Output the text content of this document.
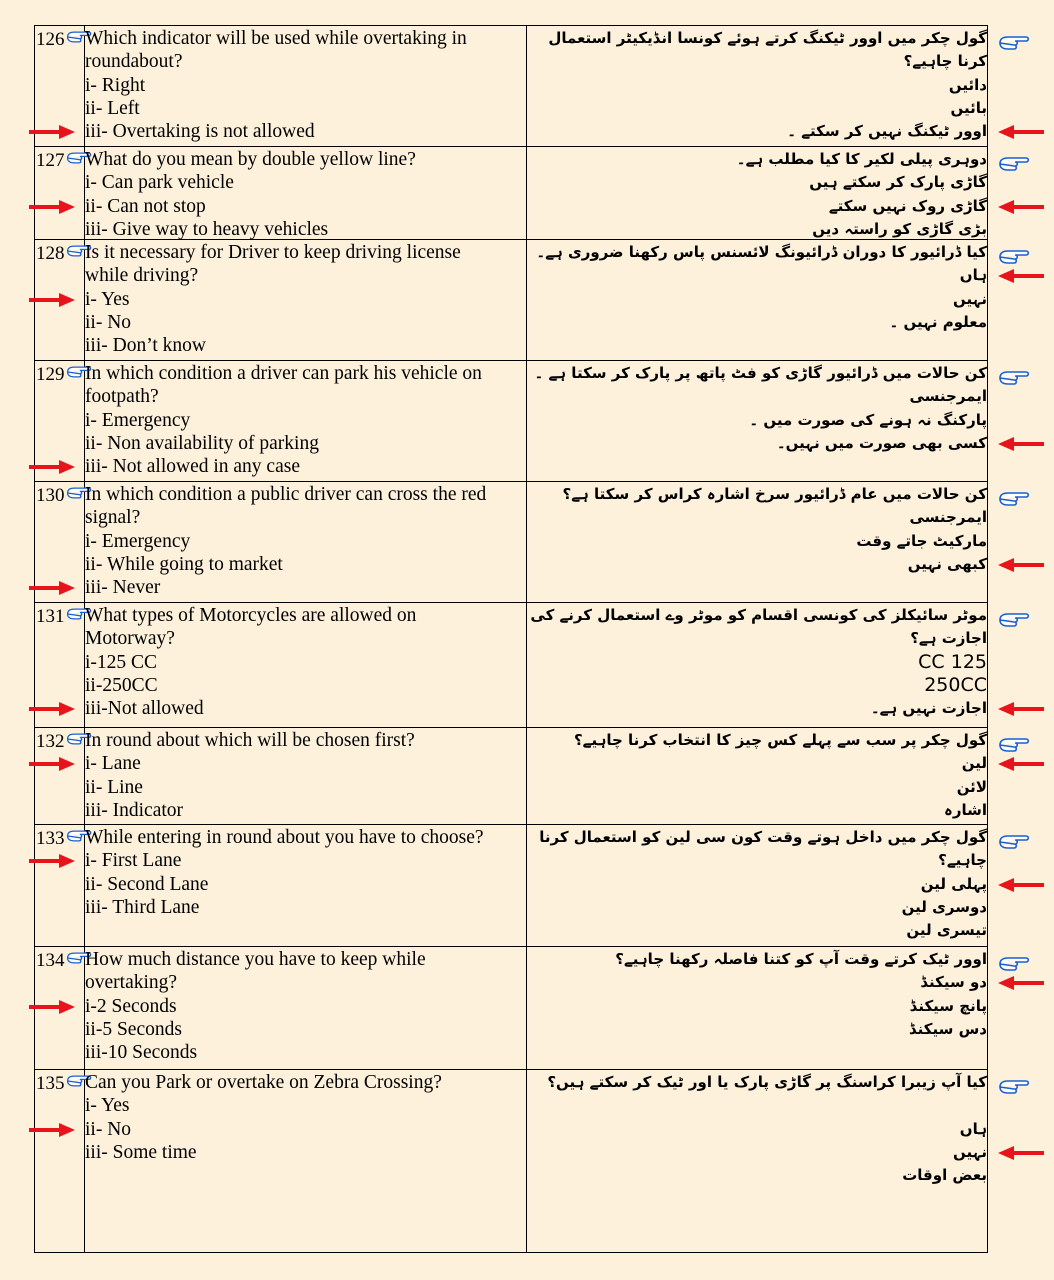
126 Which indicator will be used while overtaking in
roundabout?
i- Right
ii- Left
iii- Overtaking is not allowed
گول چکر میں اوور ٹیکنگ کرتے ہوئے کونسا انڈیکیٹر استعمال
کرنا چاہیے؟
دائیں
بائیں
اوور ٹیکنگ نہیں کر سکتے ۔
127 What do you mean by double yellow line?
i- Can park vehicle
ii- Can not stop
iii- Give way to heavy vehicles
دوہری پیلی لکیر کا کیا مطلب ہے۔
گاڑی پارک کر سکتے ہیں
گاڑی روک نہیں سکتے
بڑی گاڑی کو راستہ دیں
128 Is it necessary for Driver to keep driving license
while driving?
i- Yes
ii- No
iii- Don’t know
کیا ڈرائیور کا دوران ڈرائیونگ لائسنس پاس رکھنا ضروری ہے۔
ہاں
نہیں
معلوم نہیں ۔
129 In which condition a driver can park his vehicle on
footpath?
i- Emergency
ii- Non availability of parking
iii- Not allowed in any case
کن حالات میں ڈرائیور گاڑی کو فٹ پاتھ پر پارک کر سکتا ہے ۔
ایمرجنسی
پارکنگ نہ ہونے کی صورت میں ۔
کسی بھی صورت میں نہیں۔
130 In which condition a public driver can cross the red
signal?
i- Emergency
ii- While going to market
iii- Never
کن حالات میں عام ڈرائیور سرخ اشارہ کراس کر سکتا ہے؟
ایمرجنسی
مارکیٹ جاتے وقت
کبھی نہیں
131 What types of Motorcycles are allowed on
Motorway?
i-125 CC
ii-250CC
iii-Not allowed
موٹر سائیکلز کی کونسی اقسام کو موٹر وے استعمال کرنے کی
اجازت ہے؟
125 CC
250CC
اجازت نہیں ہے۔
132 In round about which will be chosen first?
i- Lane
ii- Line
iii- Indicator
گول چکر پر سب سے پہلے کس چیز کا انتخاب کرنا چاہیے؟
لین
لائن
اشارہ
133 While entering in round about you have to choose?
i- First Lane
ii- Second Lane
iii- Third Lane
گول چکر میں داخل ہوتے وقت کون سی لین کو استعمال کرنا
چاہیے؟
پہلی لین
دوسری لین
تیسری لین
134 How much distance you have to keep while
overtaking?
i-2 Seconds
ii-5 Seconds
iii-10 Seconds
اوور ٹیک کرتے وقت آپ کو کتنا فاصلہ رکھنا چاہیے؟
دو سیکنڈ
پانچ سیکنڈ
دس سیکنڈ
135 Can you Park or overtake on Zebra Crossing?
i- Yes
ii- No
iii- Some time
کیا آپ زیبرا کراسنگ پر گاڑی پارک یا اور ٹیک کر سکتے ہیں؟
ہاں
نہیں
بعض اوقات
